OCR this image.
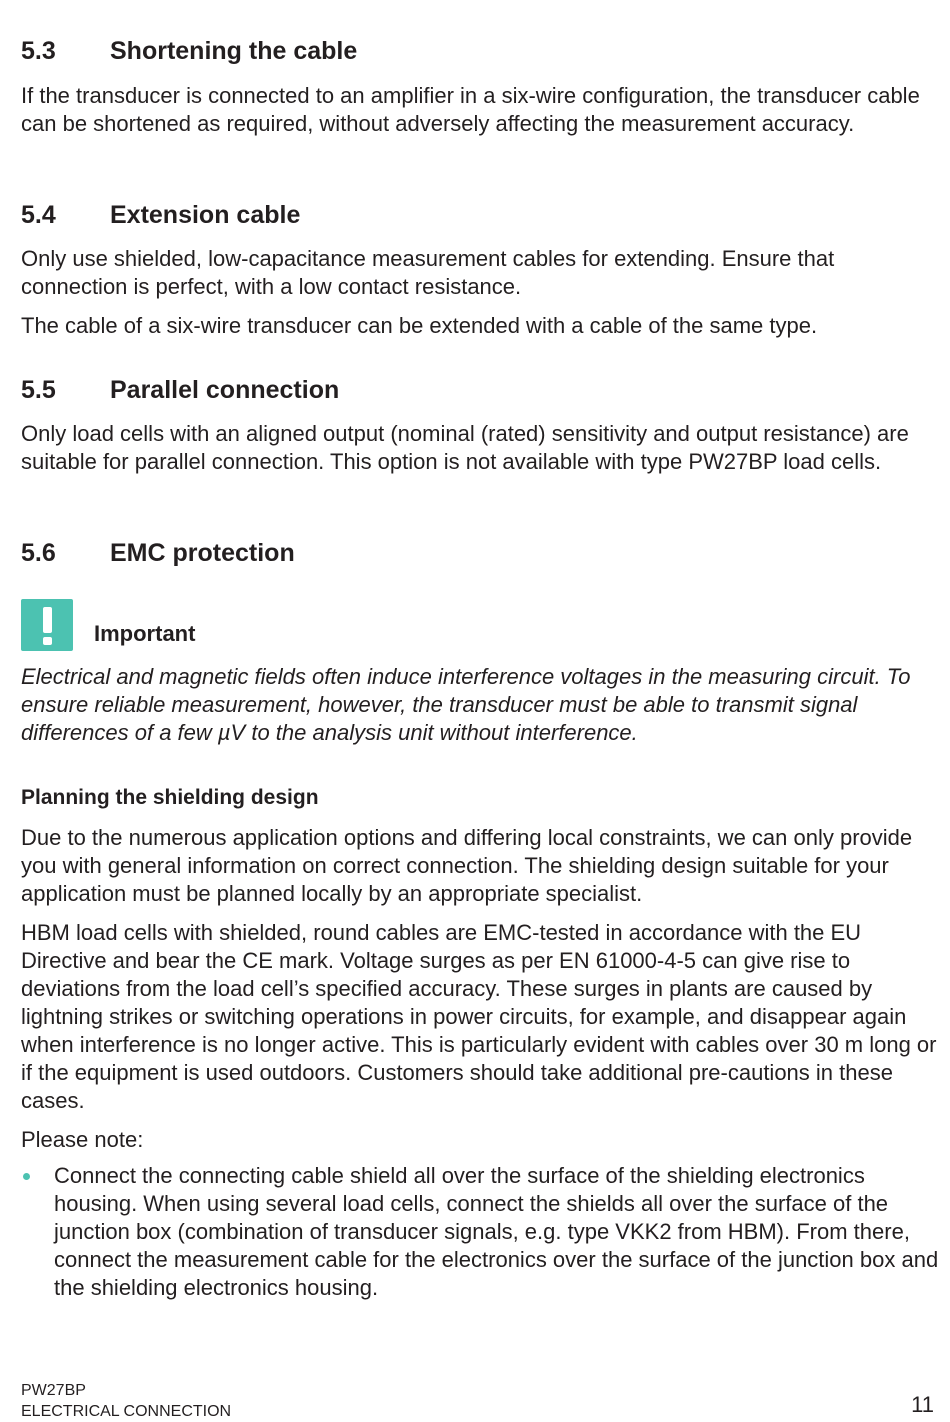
5.3 Shortening the cable

If the transducer is connected to an amplifier in a six-wire configuration, the transducer cable can be shortened as required, without adversely affecting the measurement accuracy.

5.4 Extension cable

Only use shielded, low-capacitance measurement cables for extending. Ensure that connection is perfect, with a low contact resistance.

The cable of a six-wire transducer can be extended with a cable of the same type.

5.5 Parallel connection

Only load cells with an aligned output (nominal (rated) sensitivity and output resistance) are suitable for parallel connection. This option is not available with type PW27BP load cells.

5.6 EMC protection
Important

Electrical and magnetic fields often induce interference voltages in the measuring circuit. To ensure reliable measurement, however, the transducer must be able to transmit signal differences of a few µV to the analysis unit without interference.

Planning the shielding design

Due to the numerous application options and differing local constraints, we can only provide you with general information on correct connection. The shielding design suitable for your application must be planned locally by an appropriate specialist.

HBM load cells with shielded, round cables are EMC-tested in accordance with the EU Directive and bear the CE mark. Voltage surges as per EN 61000-4-5 can give rise to deviations from the load cell’s specified accuracy. These surges in plants are caused by lightning strikes or switching operations in power circuits, for example, and disappear again when interference is no longer active. This is particularly evident with cables over 30 m long or if the equipment is used outdoors. Customers should take additional pre-cautions in these cases.

Please note:

Connect the connecting cable shield all over the surface of the shielding electronics housing. When using several load cells, connect the shields all over the surface of the junction box (combination of transducer signals, e.g. type VKK2 from HBM). From there, connect the measurement cable for the electronics over the surface of the junction box and the shielding electronics housing.
PW27BP
ELECTRICAL CONNECTION	11
